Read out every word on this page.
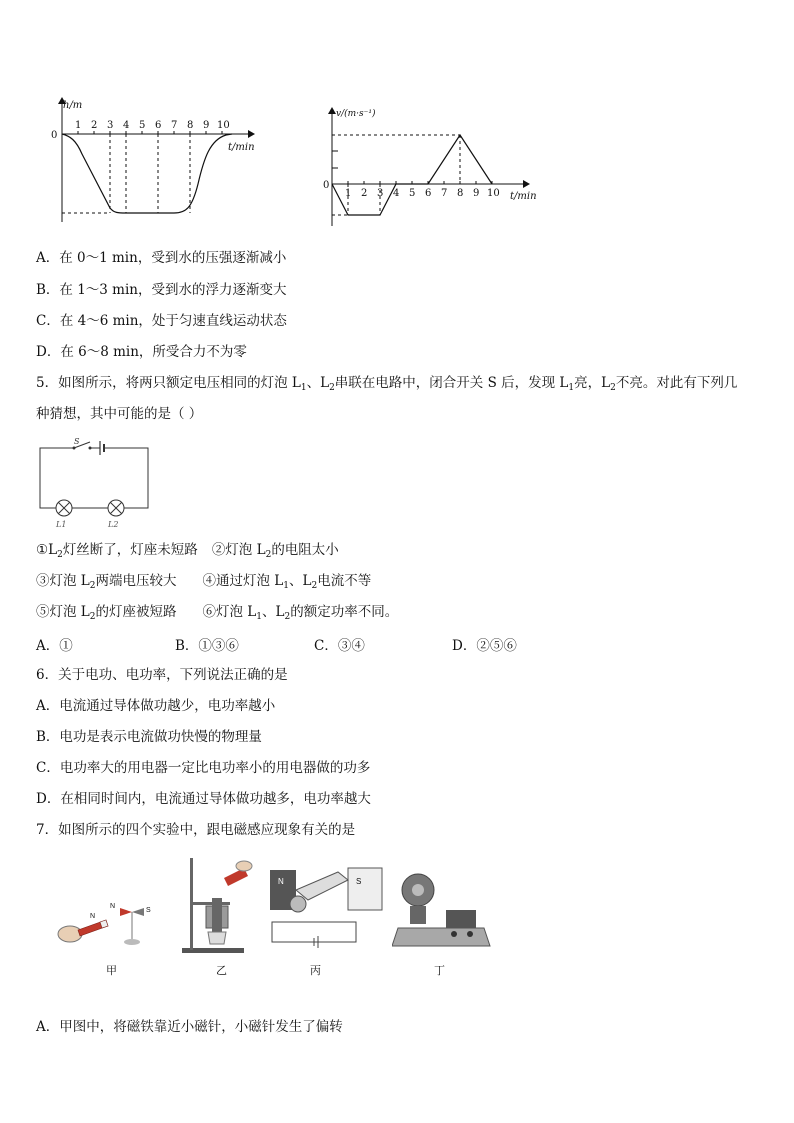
h/m
0
t/min
1 2 3 4 5 6 7 8 9 10
v/(m·s⁻¹)
0
t/min
1 2 3 4 5 6 7 8 9 10
A．在 0～1 min，受到水的压强逐渐减小
B．在 1～3 min，受到水的浮力逐渐变大
C．在 4～6 min，处于匀速直线运动状态
D．在 6～8 min，所受合力不为零
5．如图所示，将两只额定电压相同的灯泡 $L_1$、$L_2$串联在电路中，闭合开关 S 后，发现 $L_1$亮，$L_2$不亮。对此有下列几
种猜想，其中可能的是（ ）
S
L1	L2
$①L_2$灯丝断了，灯座未短路 ②灯泡 $L_2$的电阻太小
③灯泡 $L_2$两端电压较大 ④通过灯泡 $L_1$、$L_2$电流不等
⑤灯泡 $L_2$的灯座被短路 ⑥灯泡 $L_1$、$L_2$的额定功率不同。
A．①	B．①③⑥	C．③④	D．②⑤⑥
6．关于电功、电功率，下列说法正确的是
A．电流通过导体做功越少，电功率越小
B．电功是表示电流做功快慢的物理量
C．电功率大的用电器一定比电功率小的用电器做的功多
D．在相同时间内，电流通过导体做功越多，电功率越大
7．如图所示的四个实验中，跟电磁感应现象有关的是
N
N
S
甲	乙
N	S
丙	丁
A．甲图中，将磁铁靠近小磁针，小磁针发生了偏转
